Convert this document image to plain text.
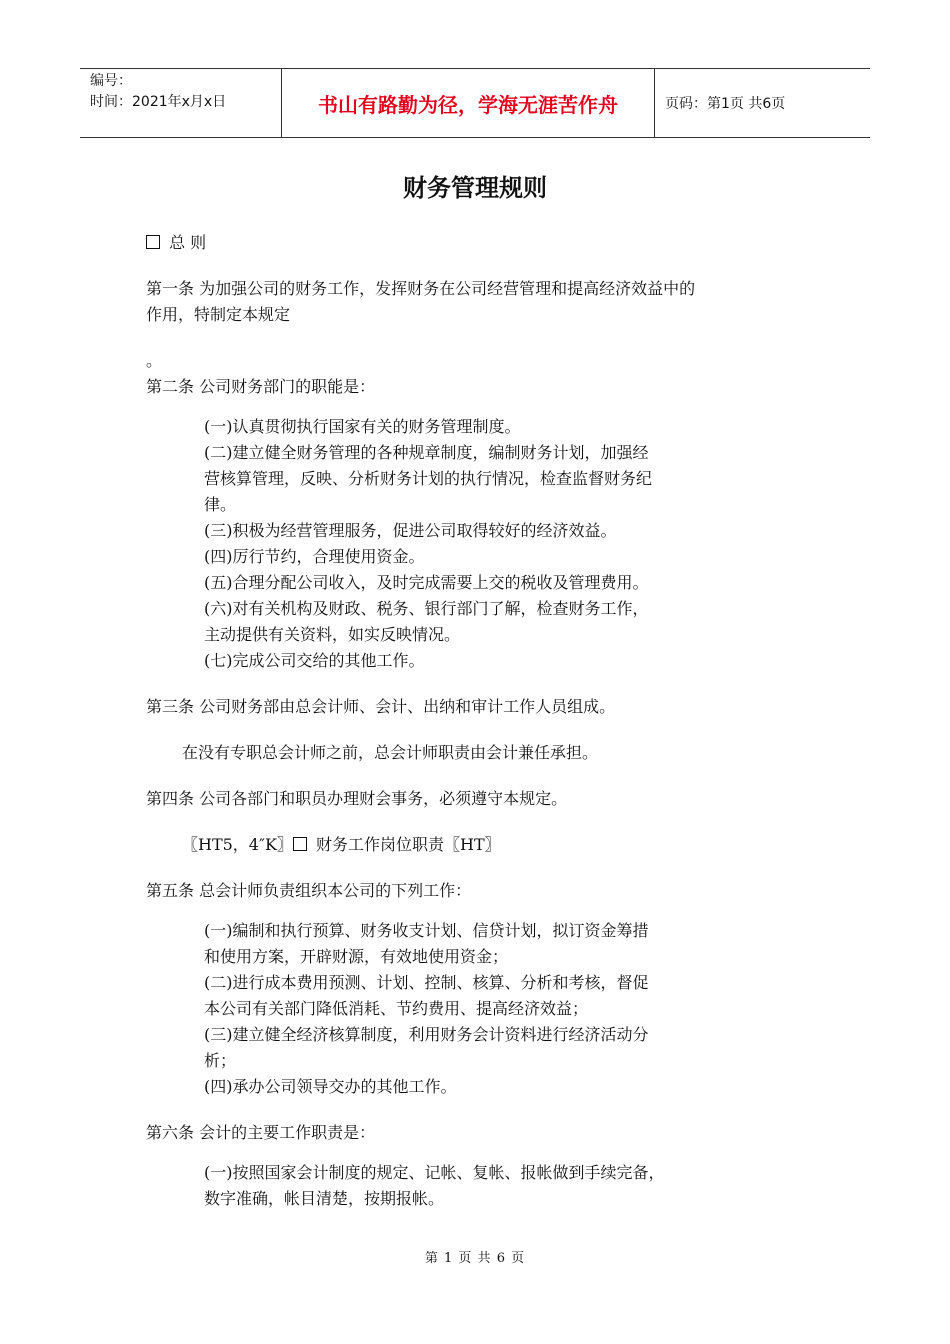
编号：
时间：2021年x月x日	书山有路勤为径，学海无涯苦作舟	页码：第1页 共6页
财务管理规则

总 则

第一条 为加强公司的财务工作，发挥财务在公司经营管理和提高经济效益中的

作用，特制定本规定

。

第二条 公司财务部门的职能是：

(一)认真贯彻执行国家有关的财务管理制度。

(二)建立健全财务管理的各种规章制度，编制财务计划，加强经

营核算管理，反映、分析财务计划的执行情况，检查监督财务纪

律。

(三)积极为经营管理服务，促进公司取得较好的经济效益。

(四)厉行节约，合理使用资金。

(五)合理分配公司收入，及时完成需要上交的税收及管理费用。

(六)对有关机构及财政、税务、银行部门了解，检查财务工作，

主动提供有关资料，如实反映情况。

(七)完成公司交给的其他工作。

第三条 公司财务部由总会计师、会计、出纳和审计工作人员组成。

在没有专职总会计师之前，总会计师职责由会计兼任承担。

第四条 公司各部门和职员办理财会事务，必须遵守本规定。

〖HT5，4″K〗 财务工作岗位职责〖HT〗

第五条 总会计师负责组织本公司的下列工作：

(一)编制和执行预算、财务收支计划、信贷计划，拟订资金筹措

和使用方案，开辟财源，有效地使用资金；

(二)进行成本费用预测、计划、控制、核算、分析和考核，督促

本公司有关部门降低消耗、节约费用、提高经济效益；

(三)建立健全经济核算制度，利用财务会计资料进行经济活动分

析；

(四)承办公司领导交办的其他工作。

第六条 会计的主要工作职责是：

(一)按照国家会计制度的规定、记帐、复帐、报帐做到手续完备，

数字准确，帐目清楚，按期报帐。

第 1 页 共 6 页
